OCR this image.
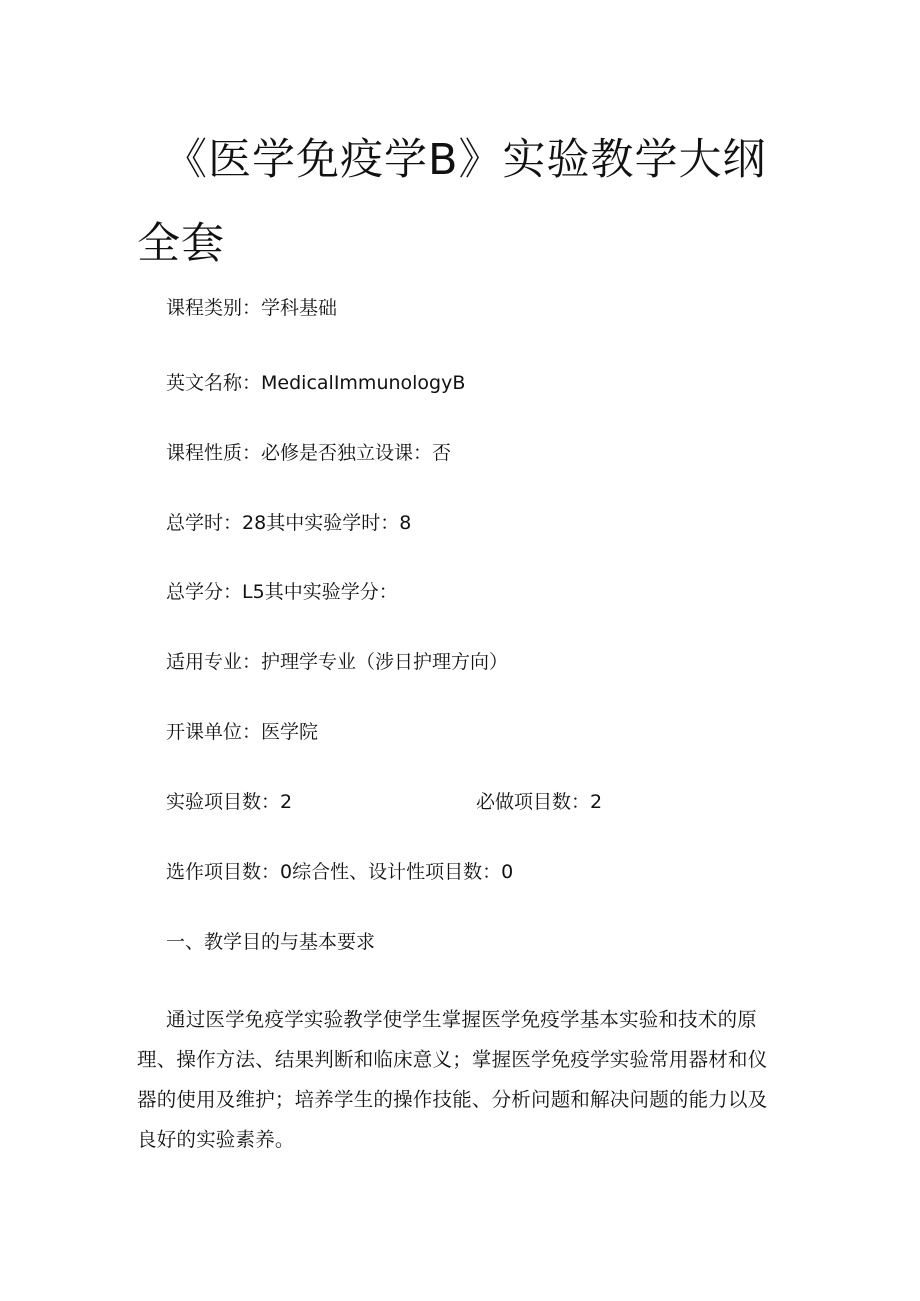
《医学免疫学B》实验教学大纲全套

课程类别：学科基础

英文名称：MedicalImmunologyB

课程性质：必修是否独立设课：否

总学时：28其中实验学时：8

总学分：L5其中实验学分：

适用专业：护理学专业（涉日护理方向）

开课单位：医学院

实验项目数：2	必做项目数：2

选作项目数：0综合性、设计性项目数：0

一、教学目的与基本要求

通过医学免疫学实验教学使学生掌握医学免疫学基本实验和技术的原理、操作方法、结果判断和临床意义；掌握医学免疫学实验常用器材和仪器的使用及维护；培养学生的操作技能、分析问题和解决问题的能力以及良好的实验素养。
